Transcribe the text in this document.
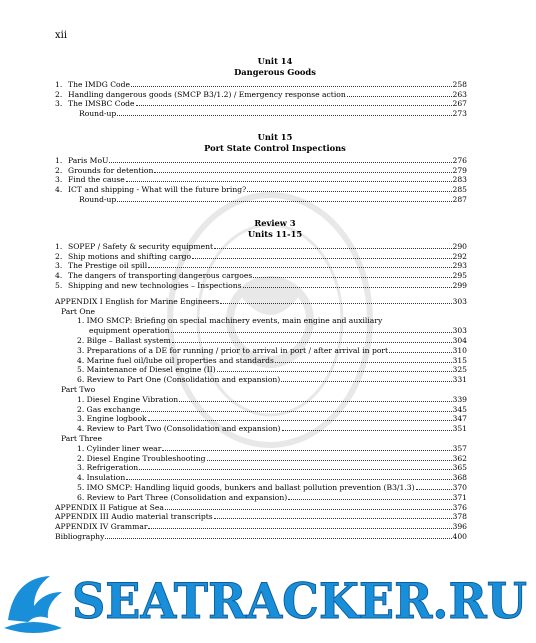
xii
Unit 14
Dangerous Goods
1. The IMDG Code	258
2. Handling dangerous goods (SMCP B3/1.2) / Emergency response action	263
3. The IMSBC Code	267
Round-up	273
Unit 15
Port State Control Inspections
1. Paris MoU	276
2. Grounds for detention	279
3. Find the cause	283
4. ICT and shipping - What will the future bring?	285
Round-up	287
Review 3
Units 11-15
1. SOPEP / Safety & security equipment	290
2. Ship motions and shifting cargo	292
3. The Prestige oil spill	293
4. The dangers of transporting dangerous cargoes	295
5. Shipping and new technologies – Inspections	299
APPENDIX I English for Marine Engineers	303
Part One
1. IMO SMCP: Briefing on special machinery events, main engine and auxiliary
equipment operation	303
2. Bilge – Ballast system	304
3. Preparations of a DE for running / prior to arrival in port / after arrival in port	310
4. Marine fuel oil/lube oil properties and standards	315
5. Maintenance of Diesel engine (II)	325
6. Review to Part One (Consolidation and expansion)	331
Part Two
1. Diesel Engine Vibration	339
2. Gas exchange	345
3. Engine logbook	347
4. Review to Part Two (Consolidation and expansion)	351
Part Three
1. Cylinder liner wear	357
2. Diesel Engine Troubleshooting	362
3. Refrigeration	365
4. Insulation	368
5. IMO SMCP: Handling liquid goods, bunkers and ballast pollution prevention (B3/1.3)	370
6. Review to Part Three (Consolidation and expansion)	371
APPENDIX II Fatigue at Sea	376
APPENDIX III Audio material transcripts	378
APPENDIX IV Grammar	396
Bibliography	400
SEATRACKER.RU
